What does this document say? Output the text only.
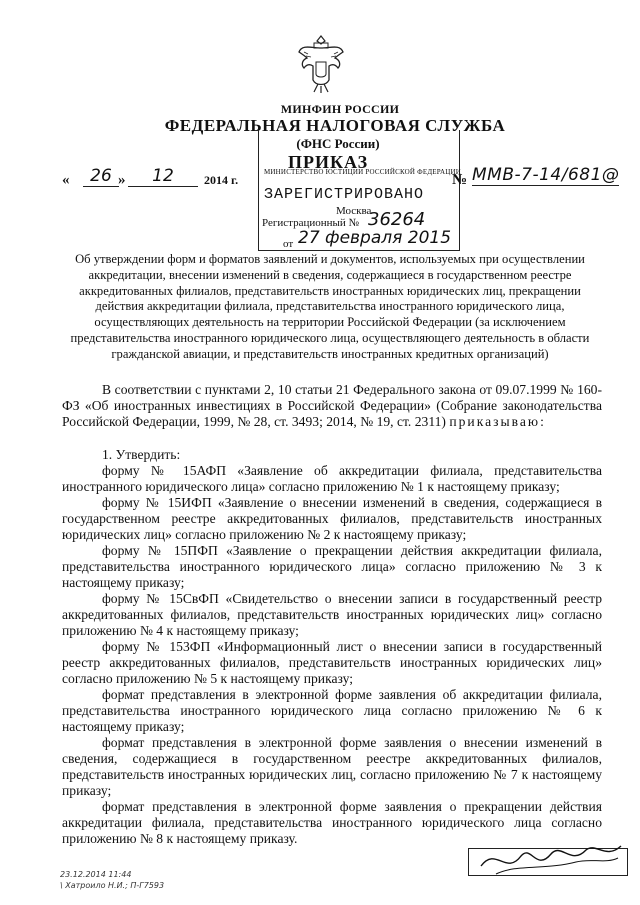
МИНФИН РОССИИ
ФЕДЕРАЛЬНАЯ НАЛОГОВАЯ СЛУЖБА
(ФНС России)
ПРИКАЗ
МИНИСТЕРСТВО ЮСТИЦИИ РОССИЙСКОЙ ФЕДЕРАЦИИ
ЗАРЕГИСТРИРОВАНО
Москва
Регистрационный № 36264
от 27 февраля 2015
«	26 »	12	2014 г.	№ ММВ-7-14/681@
Об утверждении форм и форматов заявлений и документов, используемых при осуществлении аккредитации, внесении изменений в сведения, содержащиеся в государственном реестре аккредитованных филиалов, представительств иностранных юридических лиц, прекращении действия аккредитации филиала, представительства иностранного юридического лица, осуществляющих деятельность на территории Российской Федерации (за исключением представительства иностранного юридического лица, осуществляющего деятельность в области гражданской авиации, и представительств иностранных кредитных организаций)

В соответствии с пунктами 2, 10 статьи 21 Федерального закона от 09.07.1999 № 160-ФЗ «Об иностранных инвестициях в Российской Федерации» (Собрание законодательства Российской Федерации, 1999, № 28, ст. 3493; 2014, № 19, ст. 2311) приказываю:

1. Утвердить:

форму № 15АФП «Заявление об аккредитации филиала, представительства иностранного юридического лица» согласно приложению № 1 к настоящему приказу;

форму № 15ИФП «Заявление о внесении изменений в сведения, содержащиеся в государственном реестре аккредитованных филиалов, представительств иностранных юридических лиц» согласно приложению № 2 к настоящему приказу;

форму № 15ПФП «Заявление о прекращении действия аккредитации филиала, представительства иностранного юридического лица» согласно приложению № 3 к настоящему приказу;

форму № 15СвФП «Свидетельство о внесении записи в государственный реестр аккредитованных филиалов, представительств иностранных юридических лиц» согласно приложению № 4 к настоящему приказу;

форму № 153ФП «Информационный лист о внесении записи в государственный реестр аккредитованных филиалов, представительств иностранных юридических лиц» согласно приложению № 5 к настоящему приказу;

формат представления в электронной форме заявления об аккредитации филиала, представительства иностранного юридического лица согласно приложению № 6 к настоящему приказу;

формат представления в электронной форме заявления о внесении изменений в сведения, содержащиеся в государственном реестре аккредитованных филиалов, представительств иностранных юридических лиц, согласно приложению № 7 к настоящему приказу;

формат представления в электронной форме заявления о прекращении действия аккредитации филиала, представительства иностранного юридического лица согласно приложению № 8 к настоящему приказу.

23.12.2014 11:44
\ Хатроило Н.И.; П-Г7593
